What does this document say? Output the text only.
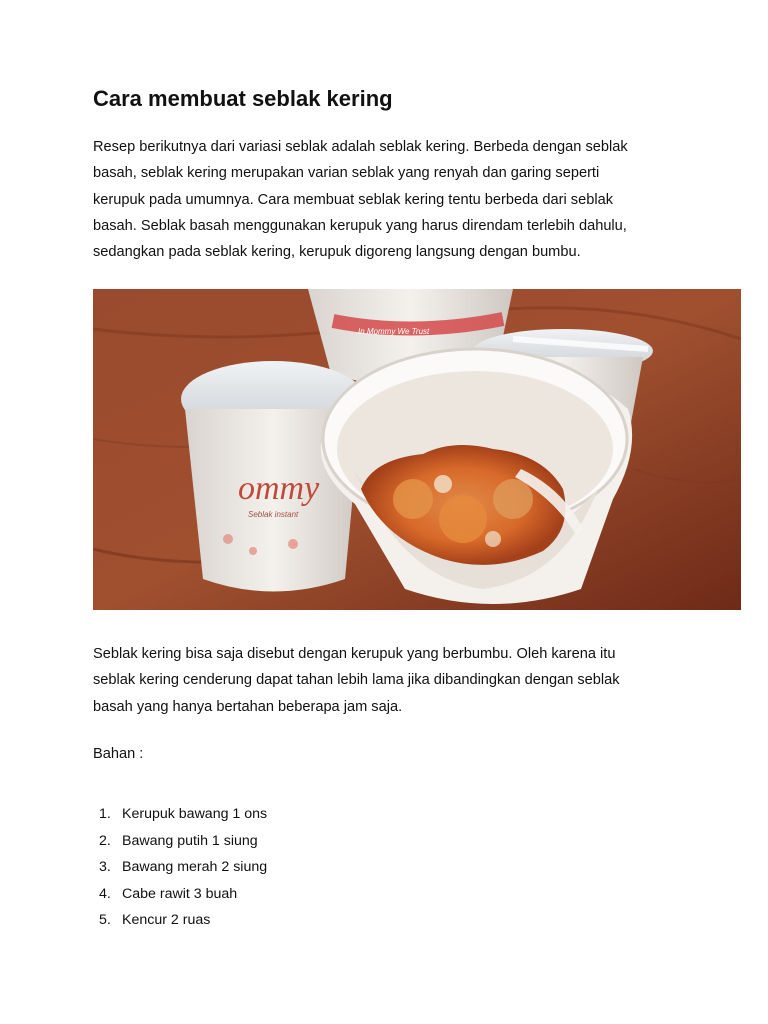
Cara membuat seblak kering

Resep berikutnya dari variasi seblak adalah seblak kering. Berbeda dengan seblak
basah, seblak kering merupakan varian seblak yang renyah dan garing seperti
kerupuk pada umumnya. Cara membuat seblak kering tentu berbeda dari seblak
basah. Seblak basah menggunakan kerupuk yang harus direndam terlebih dahulu,
sedangkan pada seblak kering, kerupuk digoreng langsung dengan bumbu.

In Mommy We Trust
ommy
Seblak instant

Seblak kering bisa saja disebut dengan kerupuk yang berbumbu. Oleh karena itu
seblak kering cenderung dapat tahan lebih lama jika dibandingkan dengan seblak
basah yang hanya bertahan beberapa jam saja.

Bahan :

1. Kerupuk bawang 1 ons
2. Bawang putih 1 siung
3. Bawang merah 2 siung
4. Cabe rawit 3 buah
5. Kencur 2 ruas
